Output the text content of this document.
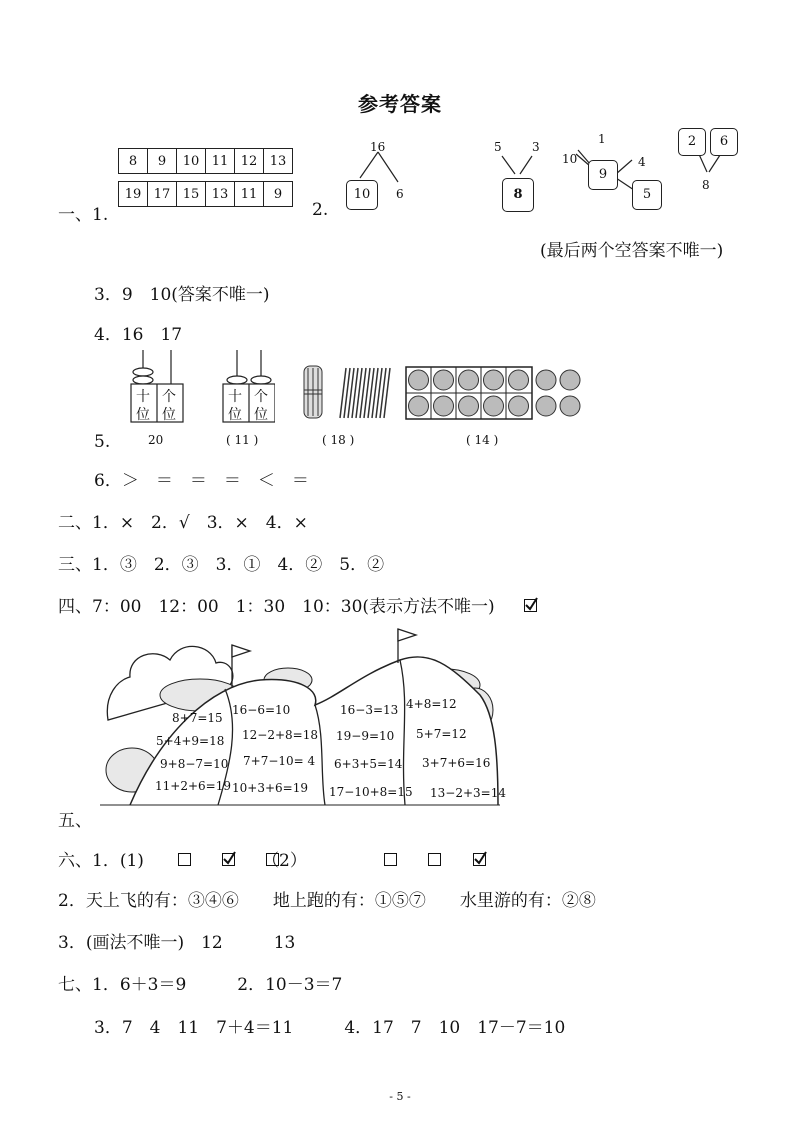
参考答案
一、1.
8	9	10	11	12	13
19	17	15	13	11	9
2.
16
10	6
5	3
8
1
10
9
4
5
2	6
8
(最后两个空答案不唯一)
3．9　10(答案不唯一)
4．16　17
5.
十 个
位 位
十 个
位 位
20	( 11 )	( 18 )	( 14 )
6．＞　＝　＝　＝　＜　＝
二、1．×　2．√　3．×　4．×
三、1．③　2．③　3．①　4．②　5．②
四、7：00　12：00　1：30　10：30(表示方法不唯一)

8+7=15
5+4+9=18
9+8−7=10
11+2+6=19
16−6=10
12−2+8=18
7+7−10= 4
10+3+6=19
16−3=13
19−9=10
6+3+5=14
17−10+8=15
4+8=12
5+7=12
3+7+6=16
13−2+3=14
五、
六、1．(1)

	（2）

2．天上飞的有：③④⑥　　地上跑的有：①⑤⑦　　水里游的有：②⑧
3．(画法不唯一)　12　　　13
七、1．6＋3＝9　　　2．10－3＝7
3．7　4　11　7＋4＝11　　　4．17　7　10　17－7＝10
- 5 -
